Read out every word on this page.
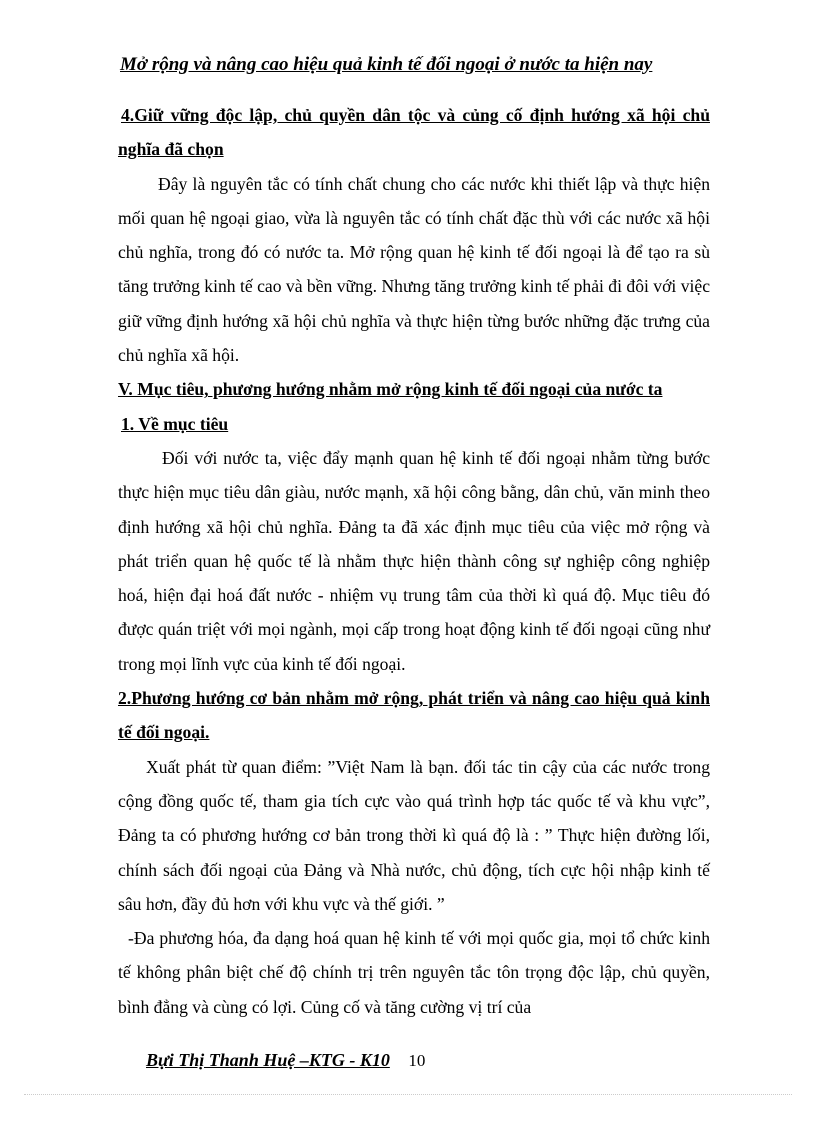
Mở rộng và nâng cao hiệu quả kinh tế đối ngoại ở nước ta hiện nay

4.Giữ vững độc lập, chủ quyền dân tộc và củng cố định hướng xã hội chủ nghĩa đã chọn

Đây là nguyên tắc có tính chất chung cho các nước khi thiết lập và thực hiện mối quan hệ ngoại giao, vừa là nguyên tắc có tính chất đặc thù với các nước xã hội chủ nghĩa, trong đó có nước ta. Mở rộng quan hệ kinh tế đối ngoại là để tạo ra sù tăng trưởng kinh tế cao và bền vững. Nhưng tăng trưởng kinh tế phải đi đôi với việc giữ vững định hướng xã hội chủ nghĩa và thực hiện từng bước những đặc trưng của chủ nghĩa xã hội.

V. Mục tiêu, phương hướng nhằm mở rộng kinh tế đối ngoại của nước ta

1. Về mục tiêu

Đối với nước ta, việc đẩy mạnh quan hệ kinh tế đối ngoại nhằm từng bước thực hiện mục tiêu dân giàu, nước mạnh, xã hội công bằng, dân chủ, văn minh theo định hướng xã hội chủ nghĩa. Đảng ta đã xác định mục tiêu của việc mở rộng và phát triển quan hệ quốc tế là nhằm thực hiện thành công sự nghiệp công nghiệp hoá, hiện đại hoá đất nước - nhiệm vụ trung tâm của thời kì quá độ. Mục tiêu đó được quán triệt với mọi ngành, mọi cấp trong hoạt động kinh tế đối ngoại cũng như trong mọi lĩnh vực của kinh tế đối ngoại.

2.Phương hướng cơ bản nhằm mở rộng, phát triển và nâng cao hiệu quả kinh tế đối ngoại.

Xuất phát từ quan điểm: ”Việt Nam là bạn. đối tác tin cậy của các nước trong cộng đồng quốc tế, tham gia tích cực vào quá trình hợp tác quốc tế và khu vực”, Đảng ta có phương hướng cơ bản trong thời kì quá độ là : ” Thực hiện đường lối, chính sách đối ngoại của Đảng và Nhà nước, chủ động, tích cực hội nhập kinh tế sâu hơn, đầy đủ hơn với khu vực và thế giới. ”

-Đa phương hóa, đa dạng hoá quan hệ kinh tế với mọi quốc gia, mọi tổ chức kinh tế không phân biệt chế độ chính trị trên nguyên tắc tôn trọng độc lập, chủ quyền, bình đẳng và cùng có lợi. Củng cố và tăng cường vị trí của

Bựi Thị Thanh Huệ –KTG - K10 10
